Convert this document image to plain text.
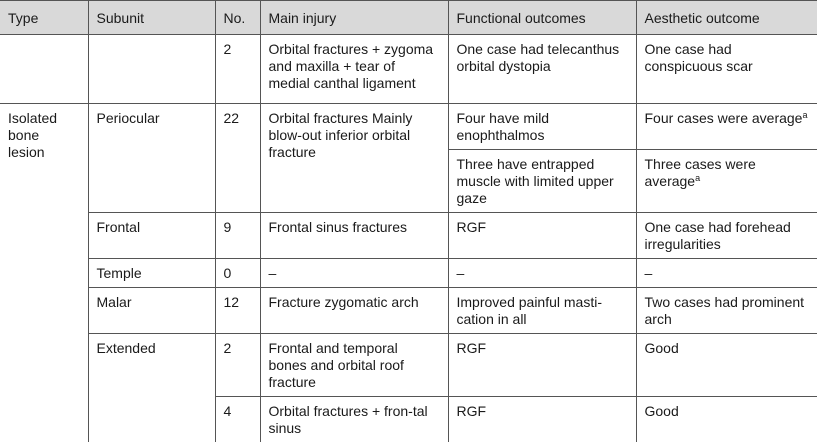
Type	Subunit	No.	Main injury	Functional outcomes	Aesthetic outcome
		2	Orbital fractures + zygoma and maxilla + tear of medial canthal ligament	One case had telecanthus orbital dystopia	One case had conspicuous scar
Isolated bone lesion	Periocular	22	Orbital fractures Mainly blow-out inferior orbital fracture	Four have mild enophthalmos	Four cases were average$^a$
				Three have entrapped muscle with limited upper gaze	Three cases were average$^a$
	Frontal	9	Frontal sinus fractures	RGF	One case had forehead irregularities
	Temple	0	–	–	–
	Malar	12	Fracture zygomatic arch	Improved painful masti-cation in all	Two cases had prominent arch
	Extended	2	Frontal and temporal bones and orbital roof fracture	RGF	Good
		4	Orbital fractures + fron-tal sinus	RGF	Good
